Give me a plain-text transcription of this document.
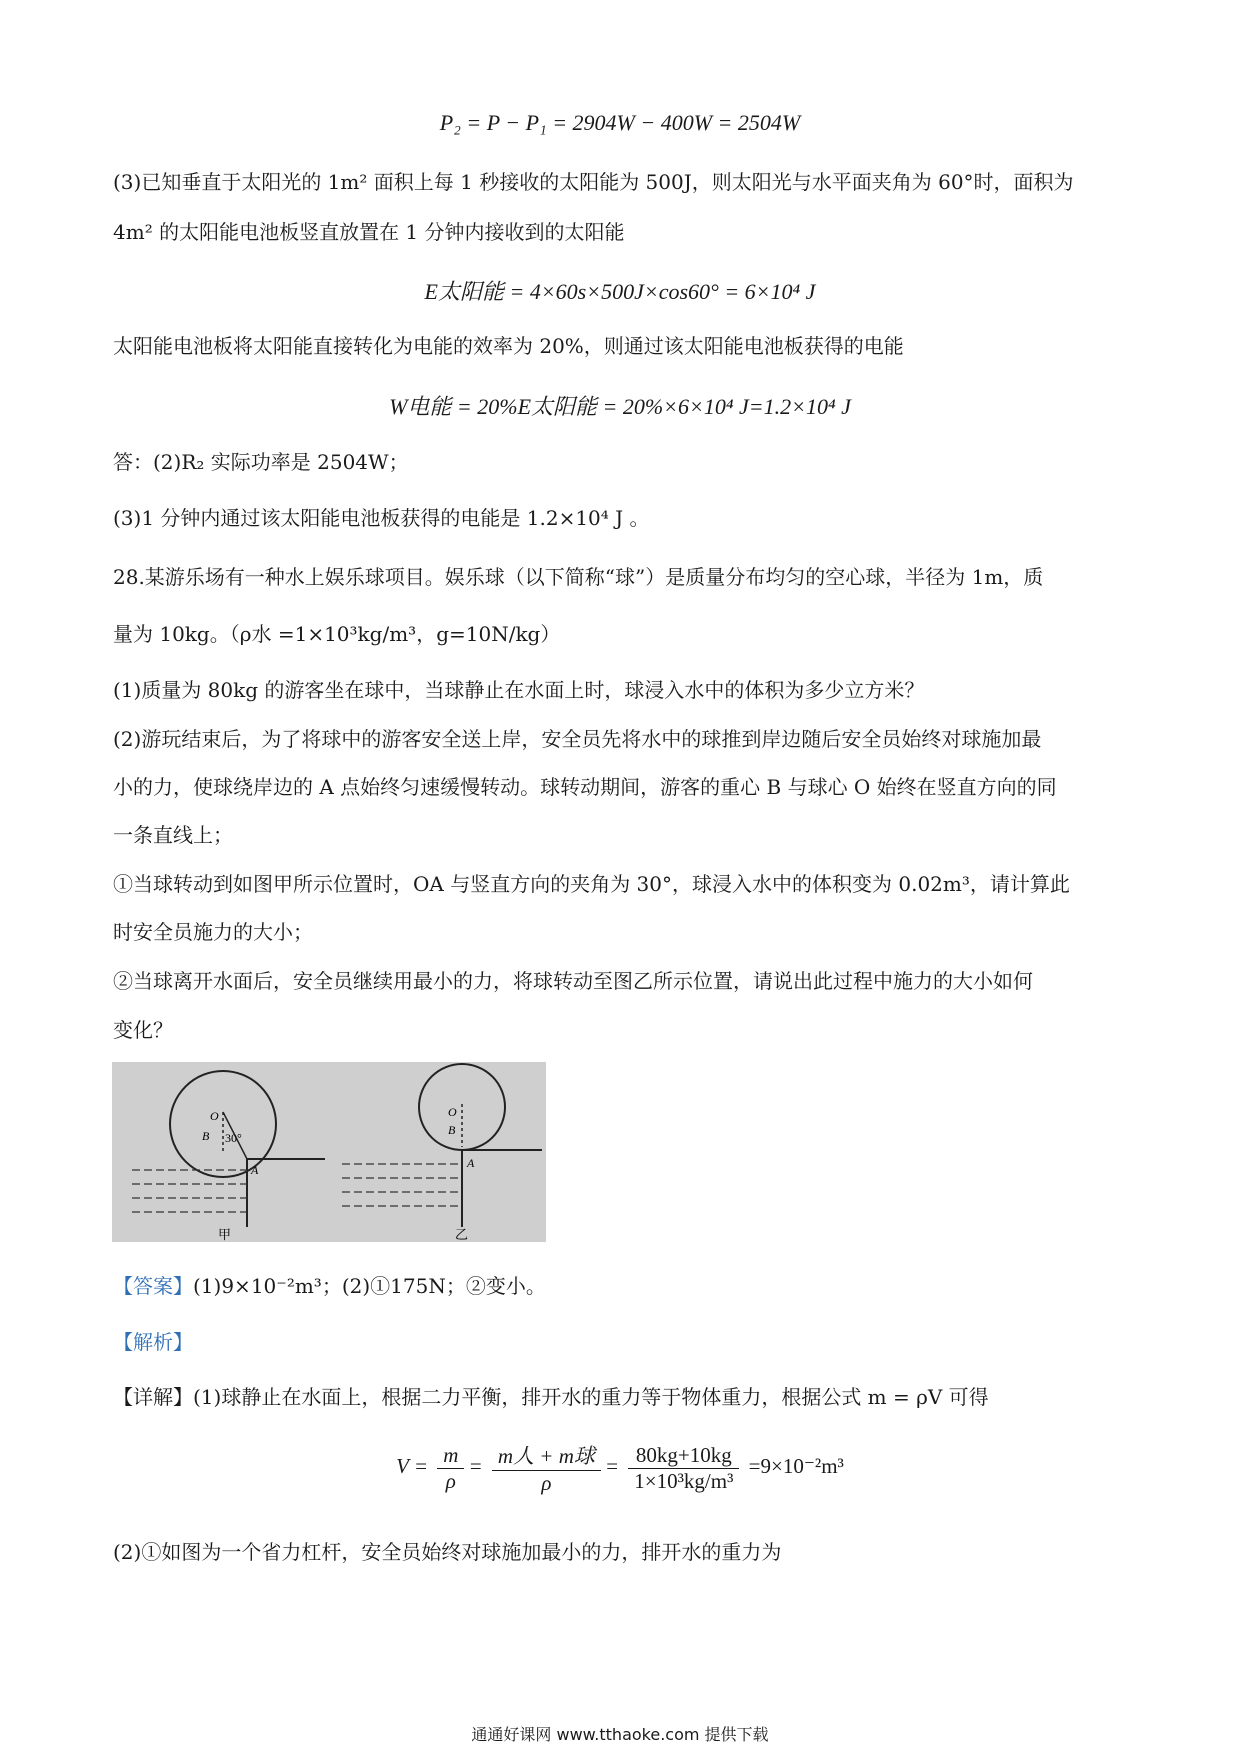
P₂ = P − P₁ = 2904W − 400W = 2504W
(3)已知垂直于太阳光的 1m² 面积上每 1 秒接收的太阳能为 500J，则太阳光与水平面夹角为 60°时，面积为
4m² 的太阳能电池板竖直放置在 1 分钟内接收到的太阳能
E太阳能 = 4×60s×500J×cos60° = 6×10⁴ J
太阳能电池板将太阳能直接转化为电能的效率为 20%，则通过该太阳能电池板获得的电能
W电能 = 20%E太阳能 = 20%×6×10⁴ J=1.2×10⁴ J
答：(2)R₂ 实际功率是 2504W；
(3)1 分钟内通过该太阳能电池板获得的电能是 1.2×10⁴ J 。
28.某游乐场有一种水上娱乐球项目。娱乐球（以下简称“球”）是质量分布均匀的空心球，半径为 1m，质
量为 10kg。（ρ水 =1×10³kg/m³，g=10N/kg）
(1)质量为 80kg 的游客坐在球中，当球静止在水面上时，球浸入水中的体积为多少立方米？
(2)游玩结束后，为了将球中的游客安全送上岸，安全员先将水中的球推到岸边随后安全员始终对球施加最
小的力，使球绕岸边的 A 点始终匀速缓慢转动。球转动期间，游客的重心 B 与球心 O 始终在竖直方向的同
一条直线上；
①当球转动到如图甲所示位置时，OA 与竖直方向的夹角为 30°，球浸入水中的体积变为 0.02m³，请计算此
时安全员施力的大小；
②当球离开水面后，安全员继续用最小的力，将球转动至图乙所示位置，请说出此过程中施力的大小如何
变化？
O
B 30°
A
甲
O
B
A
乙
【答案】(1)9×10⁻²m³；(2)①175N；②变小。
【解析】
【详解】(1)球静止在水面上，根据二力平衡，排开水的重力等于物体重力，根据公式 m = ρV 可得
$V = \frac{m}{\rho} = \frac{\text{m人 + m球}}{\rho} = \frac{80kg+10kg}{\text{1×10³kg/m³}} =9\times 10^{-2}m^3$
(2)①如图为一个省力杠杆，安全员始终对球施加最小的力，排开水的重力为
通通好课网 www.tthaoke.com 提供下载
